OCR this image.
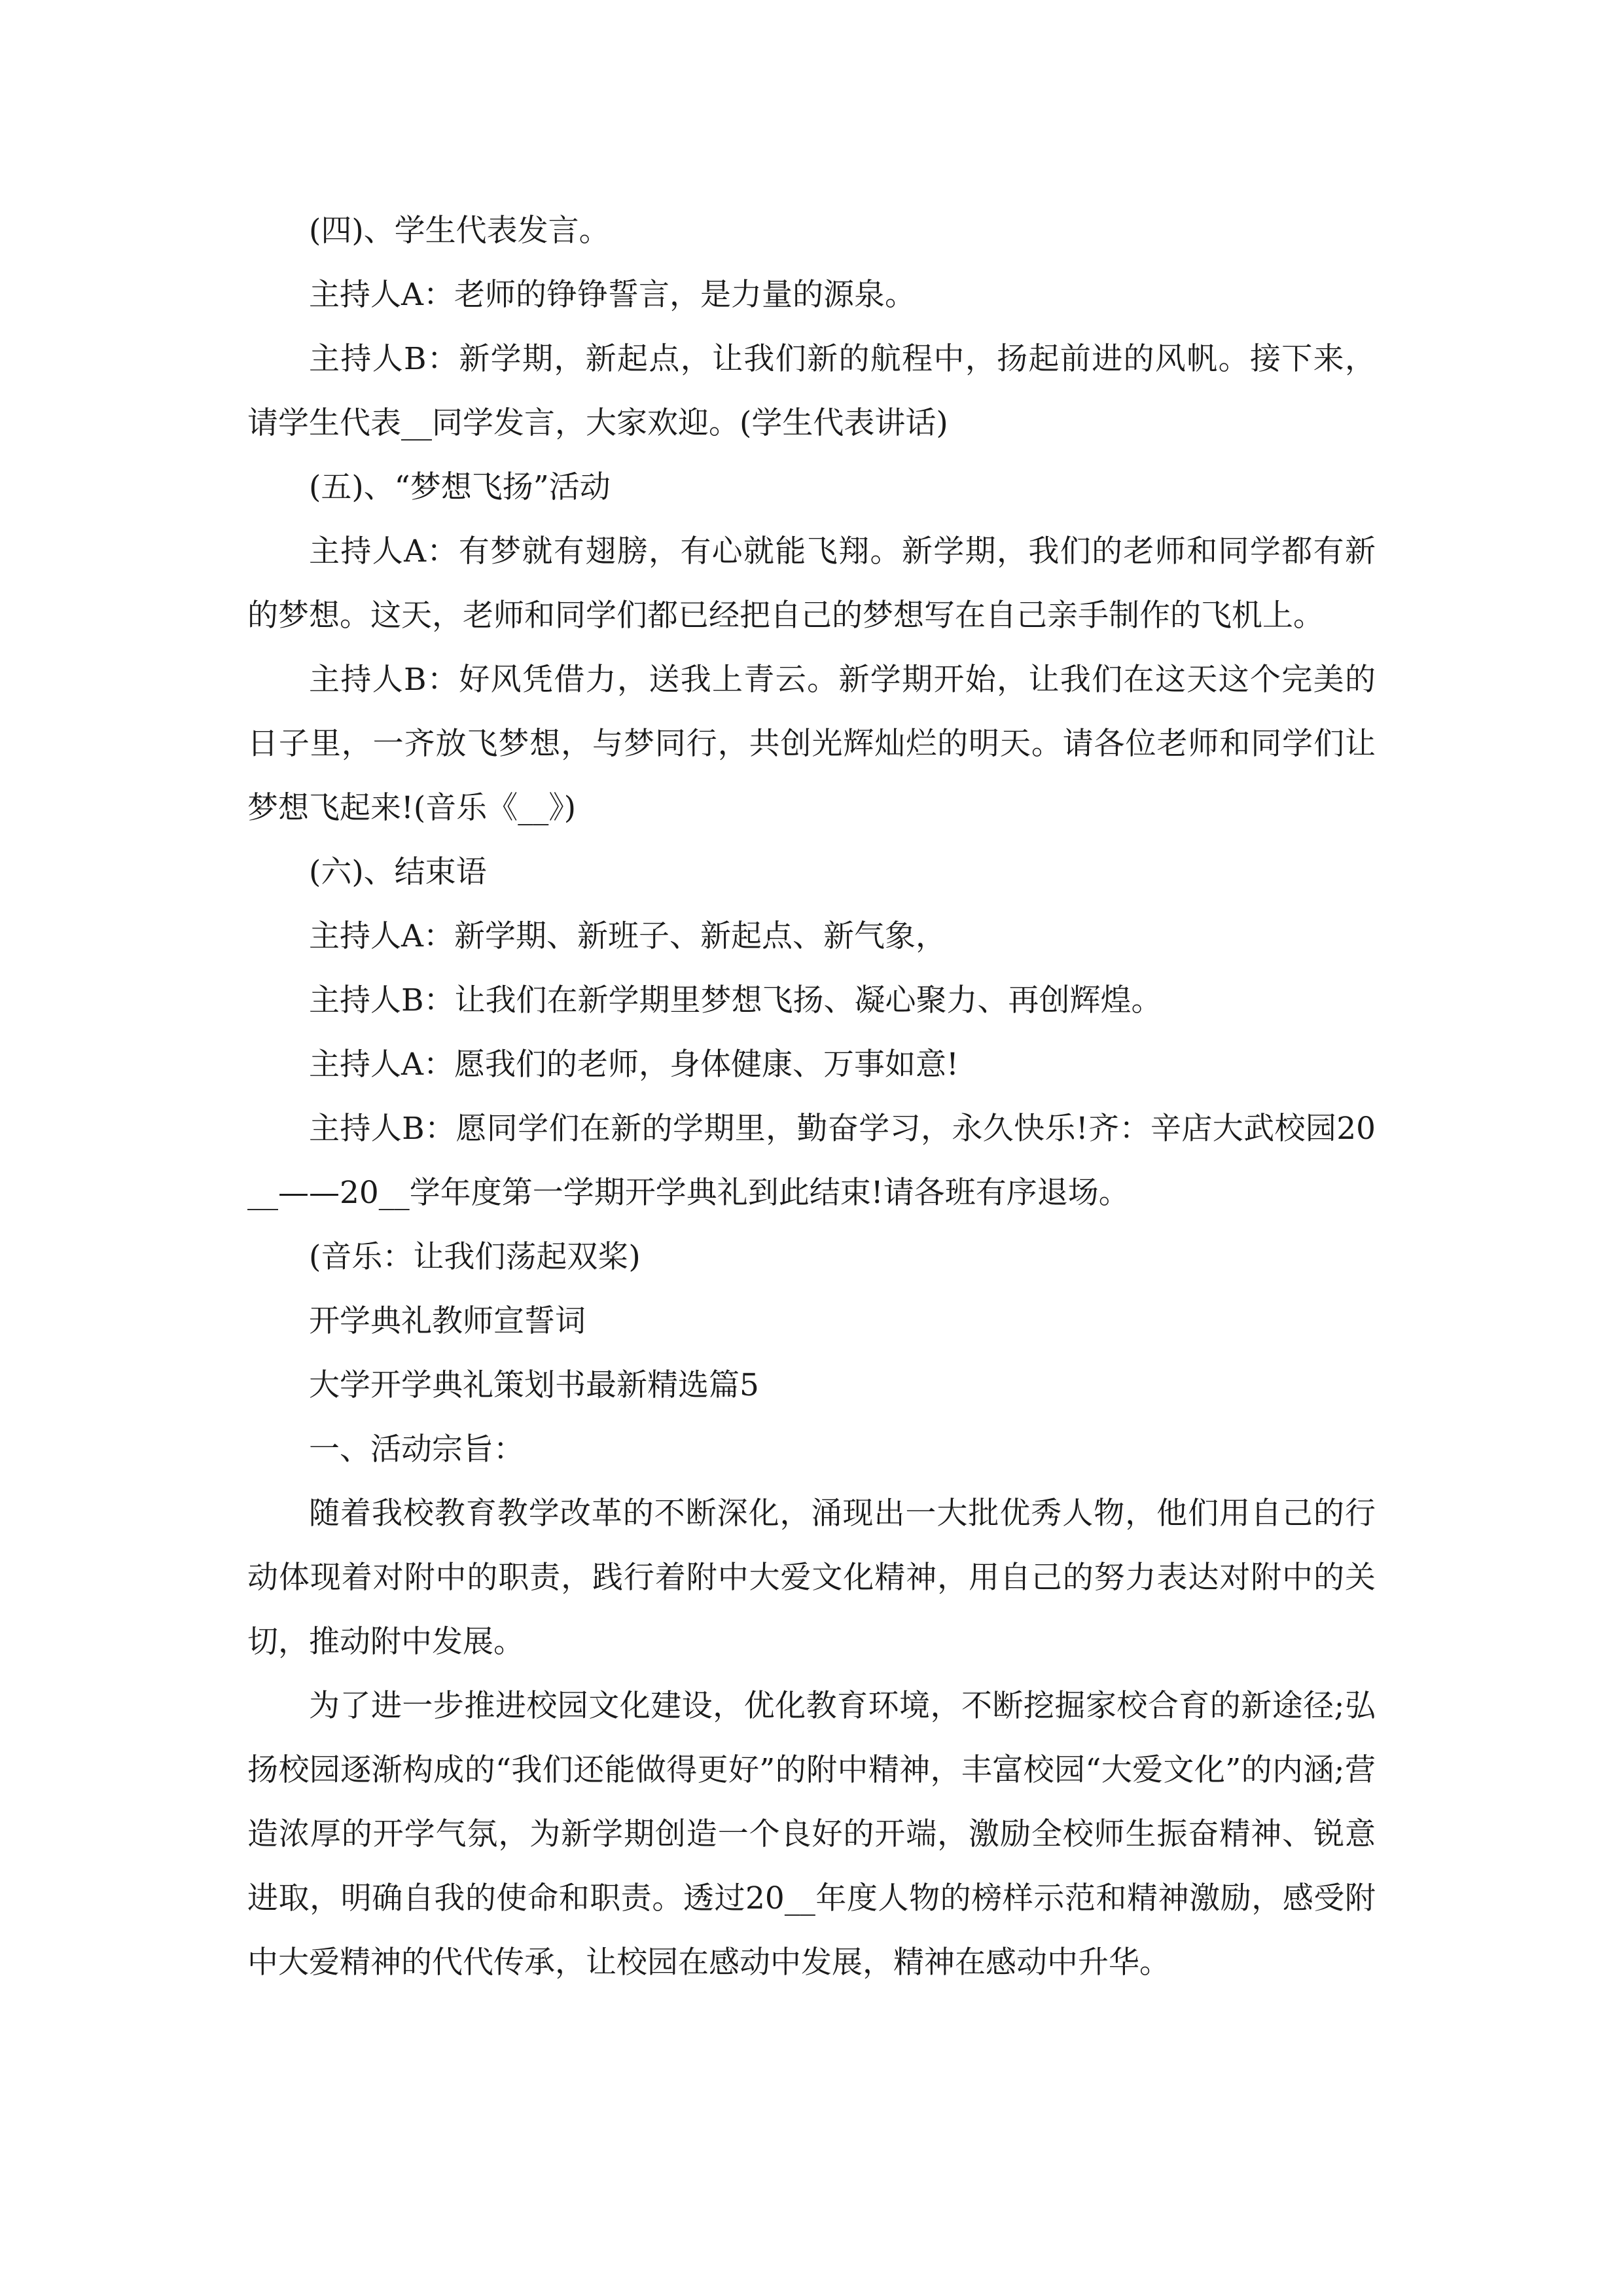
(四)、学生代表发言。

主持人A：老师的铮铮誓言，是力量的源泉。

主持人B：新学期，新起点，让我们新的航程中，扬起前进的风帆。接下来，请学生代表__同学发言，大家欢迎。(学生代表讲话)

(五)、“梦想飞扬”活动

主持人A：有梦就有翅膀，有心就能飞翔。新学期，我们的老师和同学都有新的梦想。这天，老师和同学们都已经把自己的梦想写在自己亲手制作的飞机上。

主持人B：好风凭借力，送我上青云。新学期开始，让我们在这天这个完美的日子里，一齐放飞梦想，与梦同行，共创光辉灿烂的明天。请各位老师和同学们让梦想飞起来!(音乐《__》)

(六)、结束语

主持人A：新学期、新班子、新起点、新气象，

主持人B：让我们在新学期里梦想飞扬、凝心聚力、再创辉煌。

主持人A：愿我们的老师，身体健康、万事如意!

主持人B：愿同学们在新的学期里，勤奋学习，永久快乐!齐：辛店大武校园20__——20__学年度第一学期开学典礼到此结束!请各班有序退场。

(音乐：让我们荡起双桨)

开学典礼教师宣誓词

大学开学典礼策划书最新精选篇5

一、活动宗旨：

随着我校教育教学改革的不断深化，涌现出一大批优秀人物，他们用自己的行动体现着对附中的职责，践行着附中大爱文化精神，用自己的努力表达对附中的关切，推动附中发展。

为了进一步推进校园文化建设，优化教育环境，不断挖掘家校合育的新途径;弘扬校园逐渐构成的“我们还能做得更好”的附中精神，丰富校园“大爱文化”的内涵;营造浓厚的开学气氛，为新学期创造一个良好的开端，激励全校师生振奋精神、锐意进取，明确自我的使命和职责。透过20__年度人物的榜样示范和精神激励，感受附中大爱精神的代代传承，让校园在感动中发展，精神在感动中升华。
